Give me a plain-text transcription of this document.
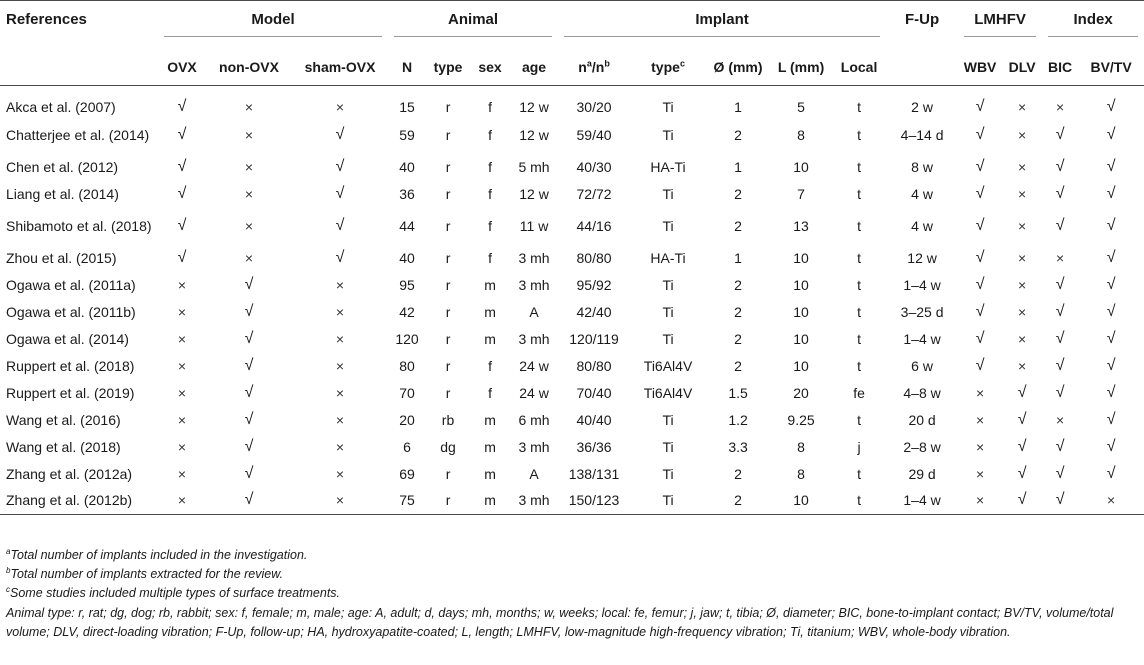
References	Model			Animal				Implant					F-Up	LMHFV		Index	

	OVX	non-OVX	sham-OVX	N	type	sex	age	$n^a/n^b$	type$^c$	Ø (mm)	L (mm)	Local		WBV	DLV	BIC	BV/TV
Akca et al. (2007)	√	×	×	15	r	f	12 w	30/20	Ti	1	5	t	2 w	√	×	×	√
Chatterjee et al. (2014)	√	×	√	59	r	f	12 w	59/40	Ti	2	8	t	4–14 d	√	×	√	√
Chen et al. (2012)	√	×	√	40	r	f	5 mh	40/30	HA-Ti	1	10	t	8 w	√	×	√	√
Liang et al. (2014)	√	×	√	36	r	f	12 w	72/72	Ti	2	7	t	4 w	√	×	√	√
Shibamoto et al. (2018)	√	×	√	44	r	f	11 w	44/16	Ti	2	13	t	4 w	√	×	√	√
Zhou et al. (2015)	√	×	√	40	r	f	3 mh	80/80	HA-Ti	1	10	t	12 w	√	×	×	√
Ogawa et al. (2011a)	×	√	×	95	r	m	3 mh	95/92	Ti	2	10	t	1–4 w	√	×	√	√
Ogawa et al. (2011b)	×	√	×	42	r	m	A	42/40	Ti	2	10	t	3–25 d	√	×	√	√
Ogawa et al. (2014)	×	√	×	120	r	m	3 mh	120/119	Ti	2	10	t	1–4 w	√	×	√	√
Ruppert et al. (2018)	×	√	×	80	r	f	24 w	80/80	Ti6Al4V	2	10	t	6 w	√	×	√	√
Ruppert et al. (2019)	×	√	×	70	r	f	24 w	70/40	Ti6Al4V	1.5	20	fe	4–8 w	×	√	√	√
Wang et al. (2016)	×	√	×	20	rb	m	6 mh	40/40	Ti	1.2	9.25	t	20 d	×	√	×	√
Wang et al. (2018)	×	√	×	6	dg	m	3 mh	36/36	Ti	3.3	8	j	2–8 w	×	√	√	√
Zhang et al. (2012a)	×	√	×	69	r	m	A	138/131	Ti	2	8	t	29 d	×	√	√	√
Zhang et al. (2012b)	×	√	×	75	r	m	3 mh	150/123	Ti	2	10	t	1–4 w	×	√	√	×
$^a$Total number of implants included in the investigation.
$^b$Total number of implants extracted for the review.
$^c$Some studies included multiple types of surface treatments.
Animal type: r, rat; dg, dog; rb, rabbit; sex: f, female; m, male; age: A, adult; d, days; mh, months; w, weeks; local: fe, femur; j, jaw; t, tibia; Ø, diameter; BIC, bone-to-implant contact; BV/TV, volume/total volume; DLV, direct-loading vibration; F-Up, follow-up; HA, hydroxyapatite-coated; L, length; LMHFV, low-magnitude high-frequency vibration; Ti, titanium; WBV, whole-body vibration.
